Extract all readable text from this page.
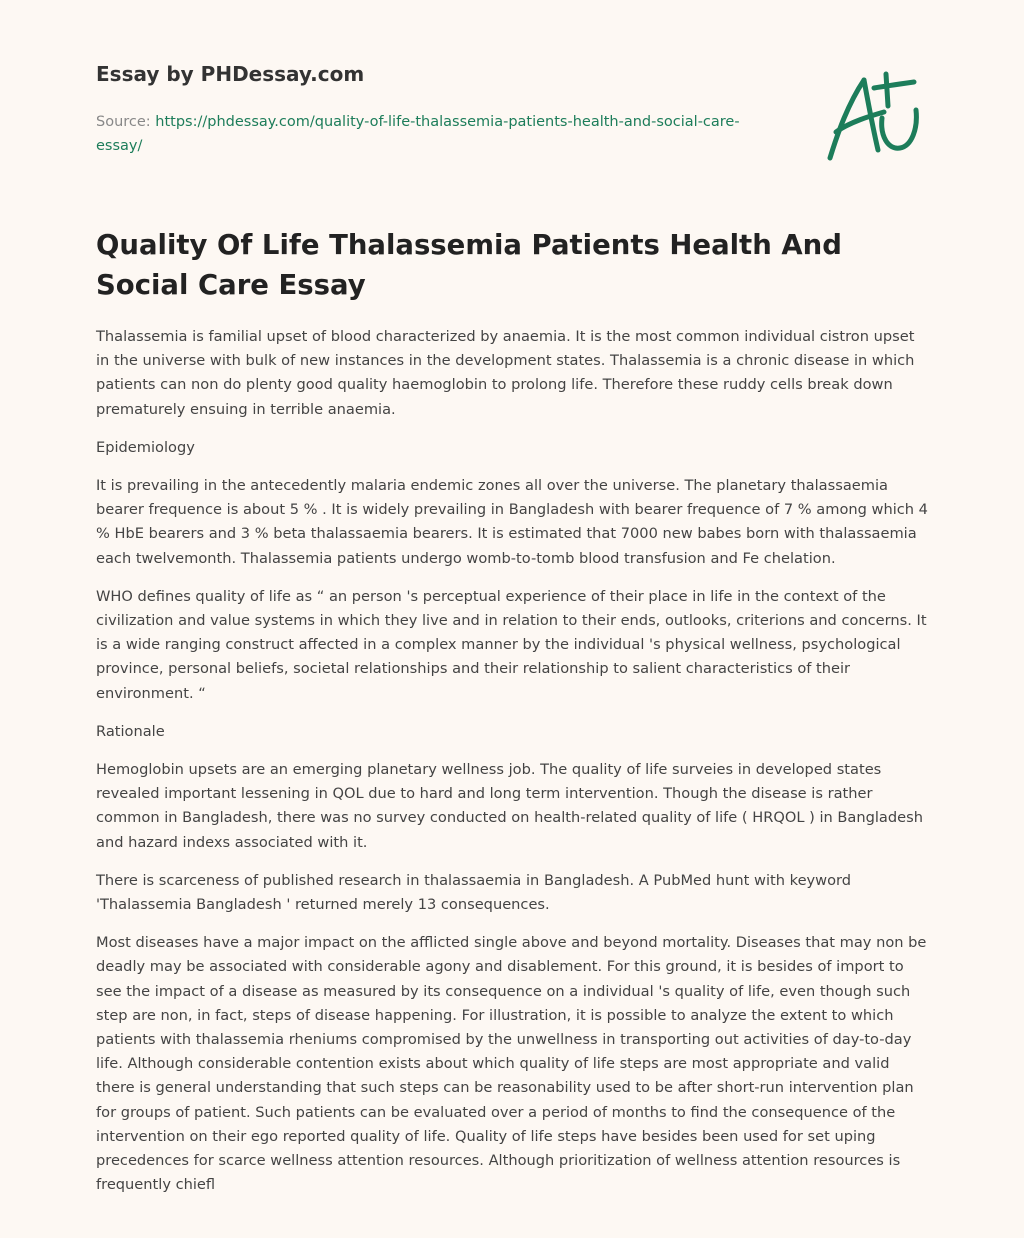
Essay by PHDessay.com
Source: https://phdessay.com/quality-of-life-thalassemia-patients-health-and-social-care-essay/
Quality Of Life Thalassemia Patients Health And Social Care Essay

Thalassemia is familial upset of blood characterized by anaemia. It is the most common individual cistron upset in the universe with bulk of new instances in the development states. Thalassemia is a chronic disease in which patients can non do plenty good quality haemoglobin to prolong life. Therefore these ruddy cells break down prematurely ensuing in terrible anaemia.

Epidemiology

It is prevailing in the antecedently malaria endemic zones all over the universe. The planetary thalassaemia bearer frequence is about 5 % . It is widely prevailing in Bangladesh with bearer frequence of 7 % among which 4 % HbE bearers and 3 % beta thalassaemia bearers. It is estimated that 7000 new babes born with thalassaemia each twelvemonth. Thalassemia patients undergo womb-to-tomb blood transfusion and Fe chelation.

WHO defines quality of life as “ an person 's perceptual experience of their place in life in the context of the civilization and value systems in which they live and in relation to their ends, outlooks, criterions and concerns. It is a wide ranging construct affected in a complex manner by the individual 's physical wellness, psychological province, personal beliefs, societal relationships and their relationship to salient characteristics of their environment. “

Rationale

Hemoglobin upsets are an emerging planetary wellness job. The quality of life surveies in developed states revealed important lessening in QOL due to hard and long term intervention. Though the disease is rather common in Bangladesh, there was no survey conducted on health-related quality of life ( HRQOL ) in Bangladesh and hazard indexs associated with it.

There is scarceness of published research in thalassaemia in Bangladesh. A PubMed hunt with keyword 'Thalassemia Bangladesh ' returned merely 13 consequences.

Most diseases have a major impact on the afflicted single above and beyond mortality. Diseases that may non be deadly may be associated with considerable agony and disablement. For this ground, it is besides of import to see the impact of a disease as measured by its consequence on a individual 's quality of life, even though such step are non, in fact, steps of disease happening. For illustration, it is possible to analyze the extent to which patients with thalassemia rheniums compromised by the unwellness in transporting out activities of day-to-day life. Although considerable contention exists about which quality of life steps are most appropriate and valid there is general understanding that such steps can be reasonability used to be after short-run intervention plan for groups of patient. Such patients can be evaluated over a period of months to find the consequence of the intervention on their ego reported quality of life. Quality of life steps have besides been used for set uping precedences for scarce wellness attention resources. Although prioritization of wellness attention resources is frequently chiefl
